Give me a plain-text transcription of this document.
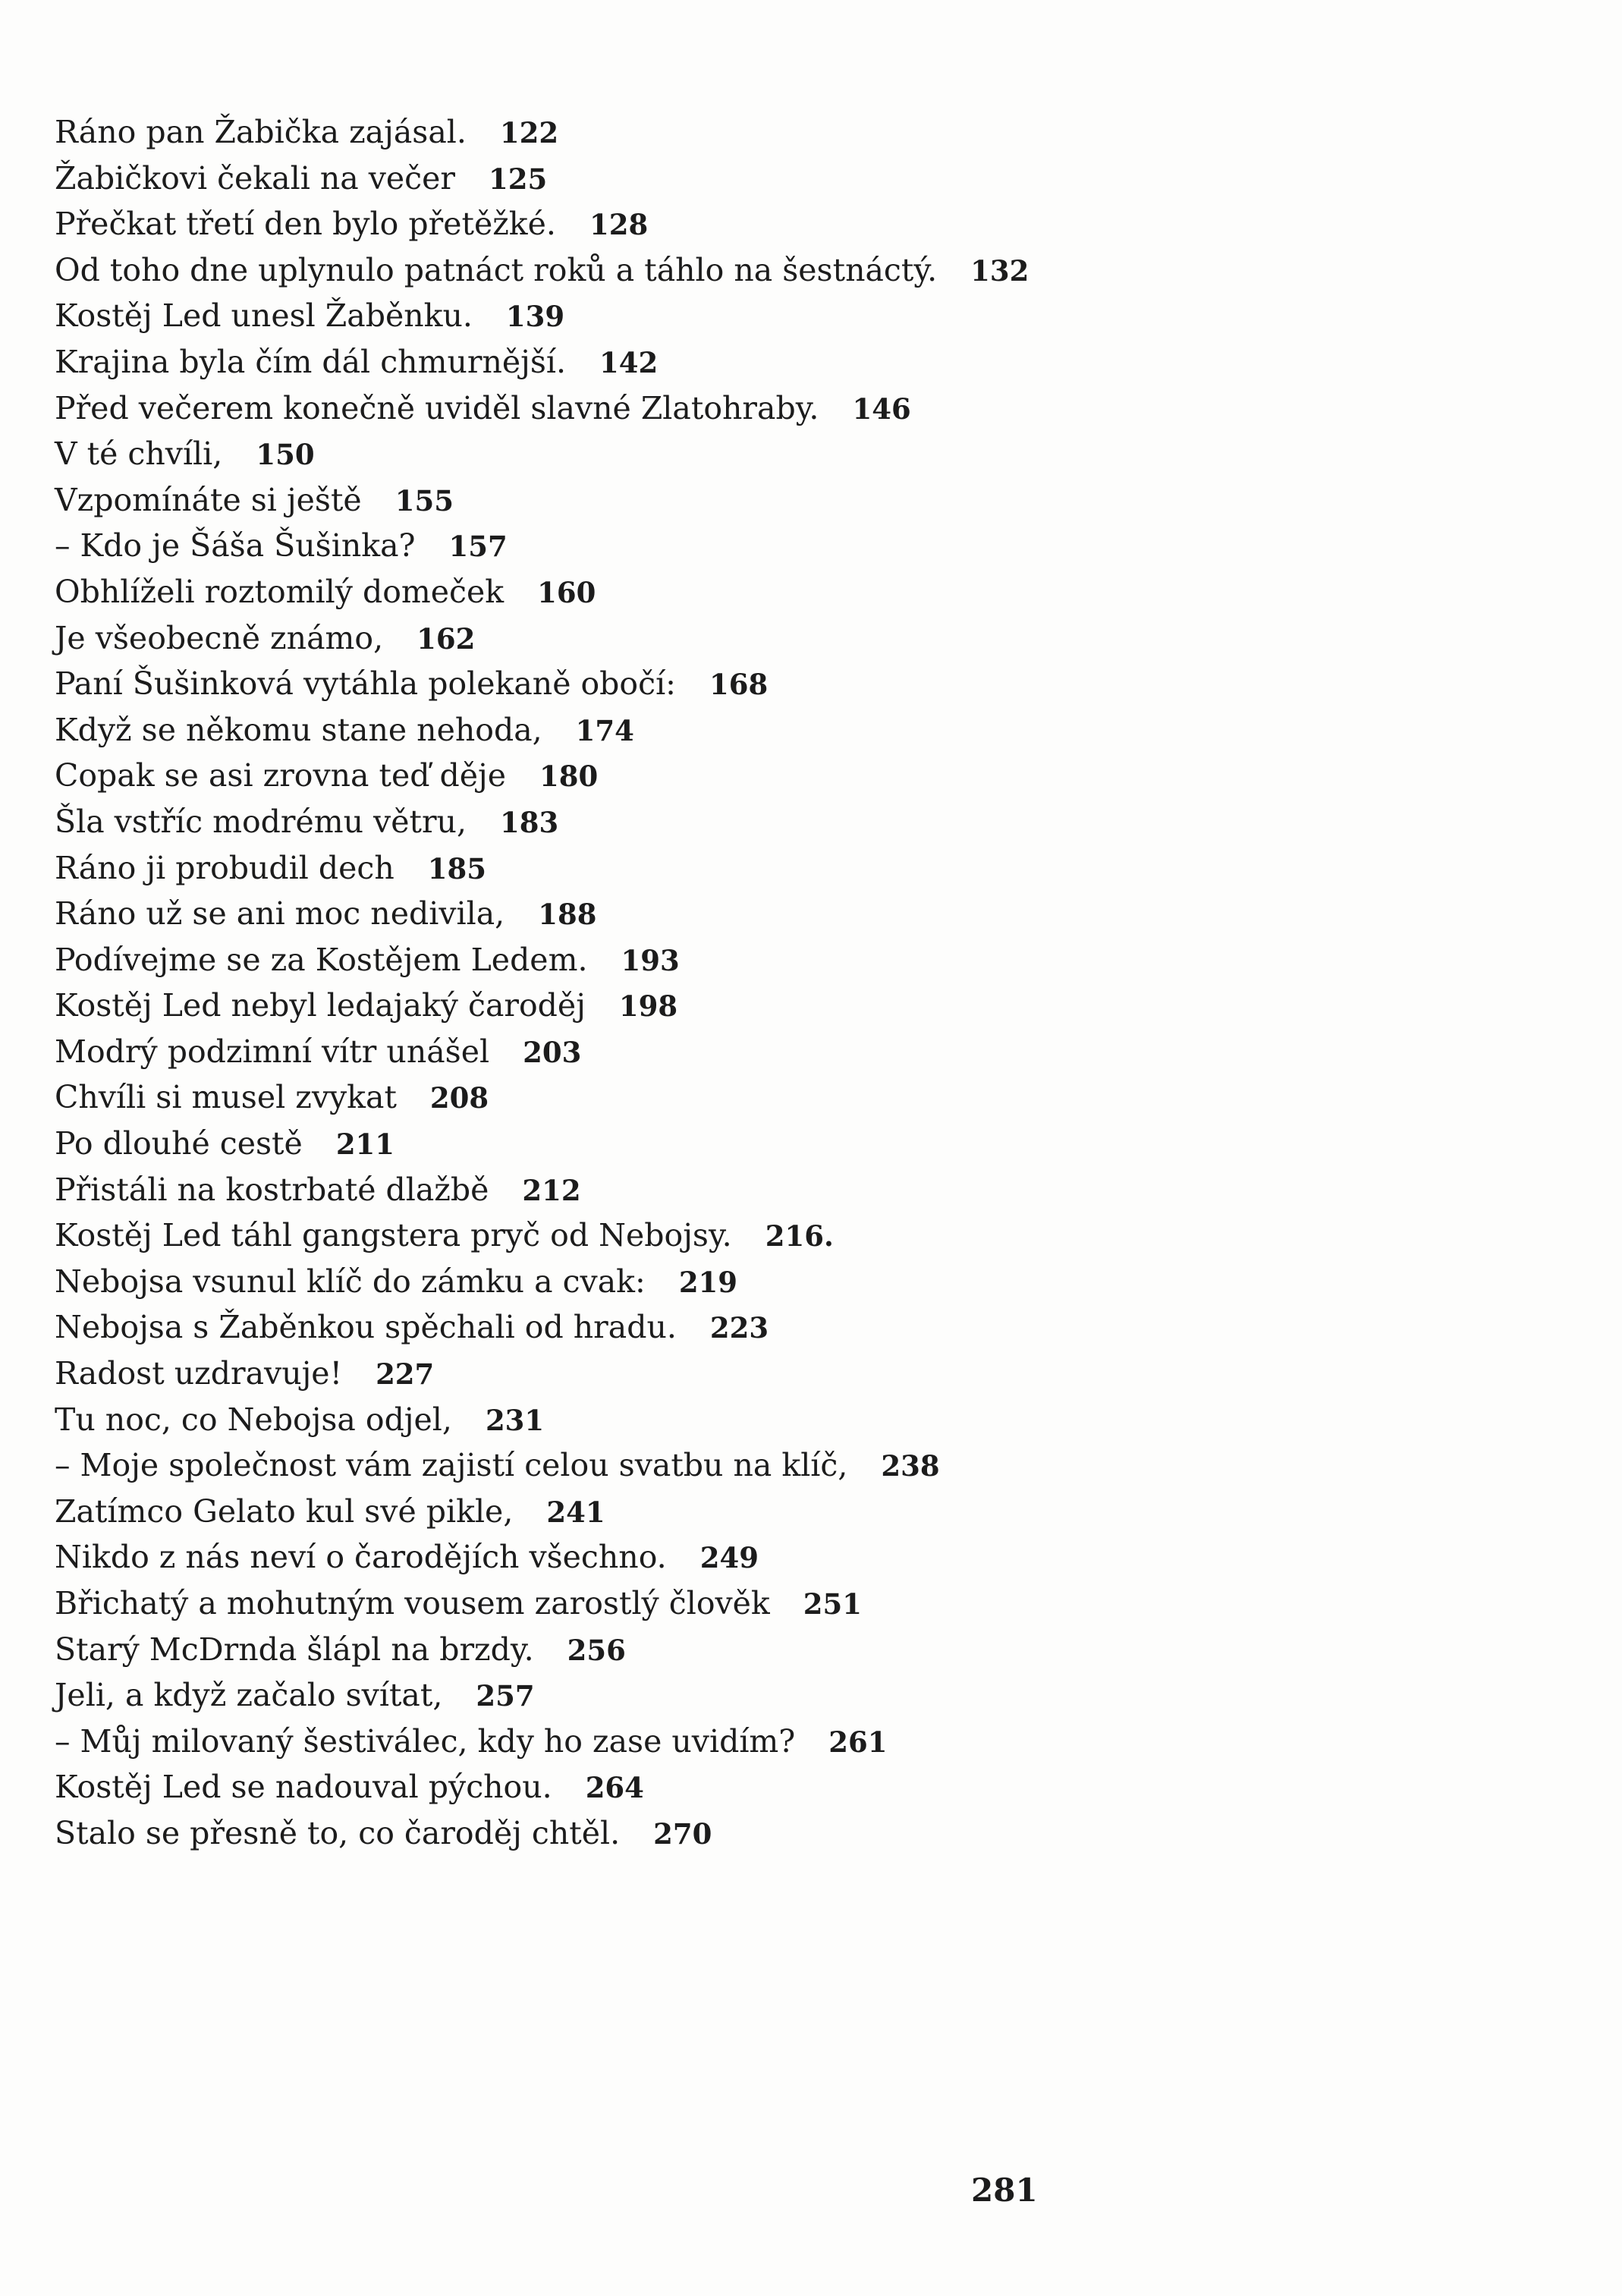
Ráno pan Žabička zajásal. 122
Žabičkovi čekali na večer 125
Přečkat třetí den bylo přetěžké. 128
Od toho dne uplynulo patnáct roků a táhlo na šestnáctý. 132
Kostěj Led unesl Žaběnku. 139
Krajina byla čím dál chmurnější. 142
Před večerem konečně uviděl slavné Zlatohraby. 146
V té chvíli, 150
Vzpomínáte si ještě 155
– Kdo je Šáša Šušinka? 157
Obhlíželi roztomilý domeček 160
Je všeobecně známo, 162
Paní Šušinková vytáhla polekaně obočí: 168
Když se někomu stane nehoda, 174
Copak se asi zrovna teď děje 180
Šla vstříc modrému větru, 183
Ráno ji probudil dech 185
Ráno už se ani moc nedivila, 188
Podívejme se za Kostějem Ledem. 193
Kostěj Led nebyl ledajaký čaroděj 198
Modrý podzimní vítr unášel 203
Chvíli si musel zvykat 208
Po dlouhé cestě 211
Přistáli na kostrbaté dlažbě 212
Kostěj Led táhl gangstera pryč od Nebojsy. 216.
Nebojsa vsunul klíč do zámku a cvak: 219
Nebojsa s Žaběnkou spěchali od hradu. 223
Radost uzdravuje! 227
Tu noc, co Nebojsa odjel, 231
– Moje společnost vám zajistí celou svatbu na klíč, 238
Zatímco Gelato kul své pikle, 241
Nikdo z nás neví o čarodějích všechno. 249
Břichatý a mohutným vousem zarostlý člověk 251
Starý McDrnda šlápl na brzdy. 256
Jeli, a když začalo svítat, 257
– Můj milovaný šestiválec, kdy ho zase uvidím? 261
Kostěj Led se nadouval pýchou. 264
Stalo se přesně to, co čaroděj chtěl. 270
281
